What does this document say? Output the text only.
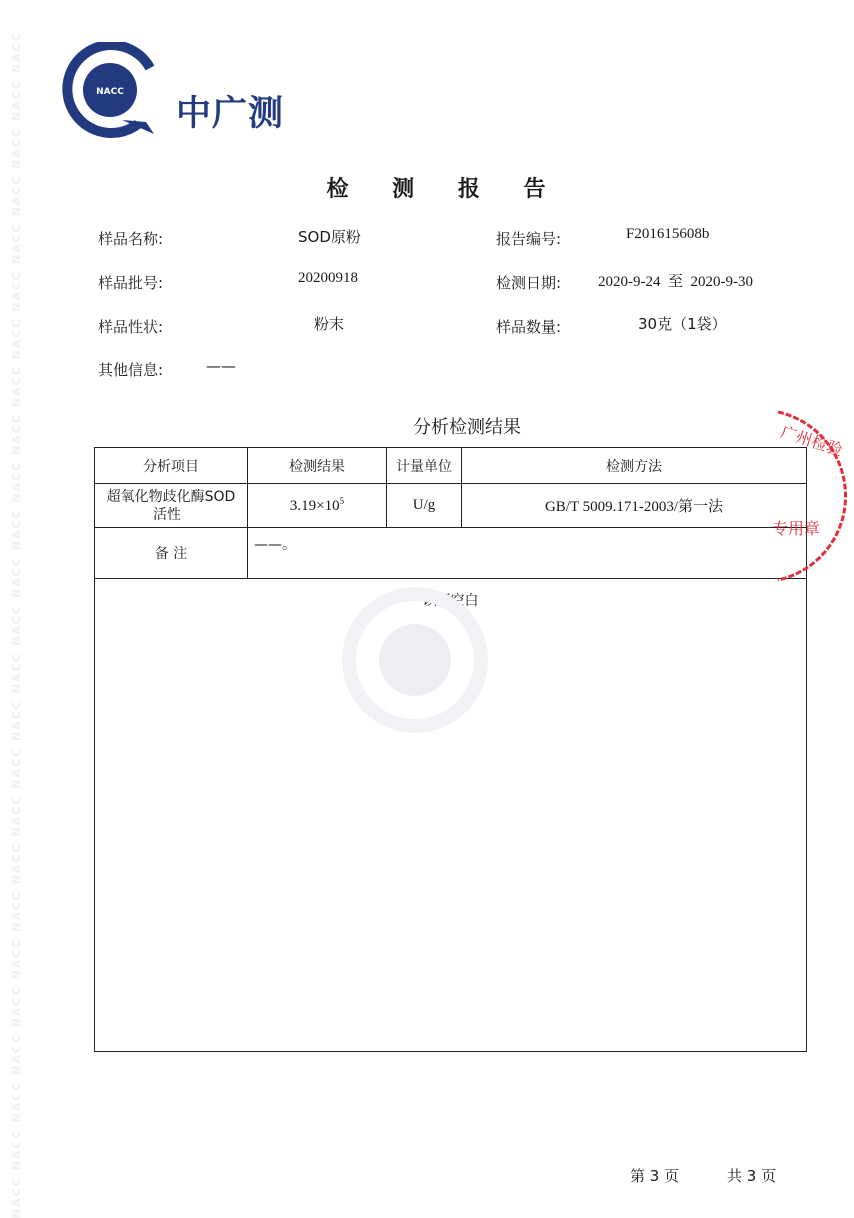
NACC NACC NACC NACC NACC NACC NACC NACC NACC NACC NACC NACC NACC NACC NACC NACC NACC NACC NACC NACC NACC NACC NACC NACC NACC	NACC
中广测
检 测 报 告
样品名称:	SOD原粉	报告编号:	F201615608b
样品批号:	20200918	检测日期: 2020-9-24  至  2020-9-30
样品性状:	粉末	样品数量:	30克（1袋）
其他信息:	——
分析检测结果
分析项目	检测结果	计量单位	检测方法

超氧化物歧化酶SOD
活性	$3.19\times 10^5$	U/g	GB/T 5009.171-2003/第一法
备 注	——。		
以下空白
广州检验
专用章
第 3 页	共 3 页
